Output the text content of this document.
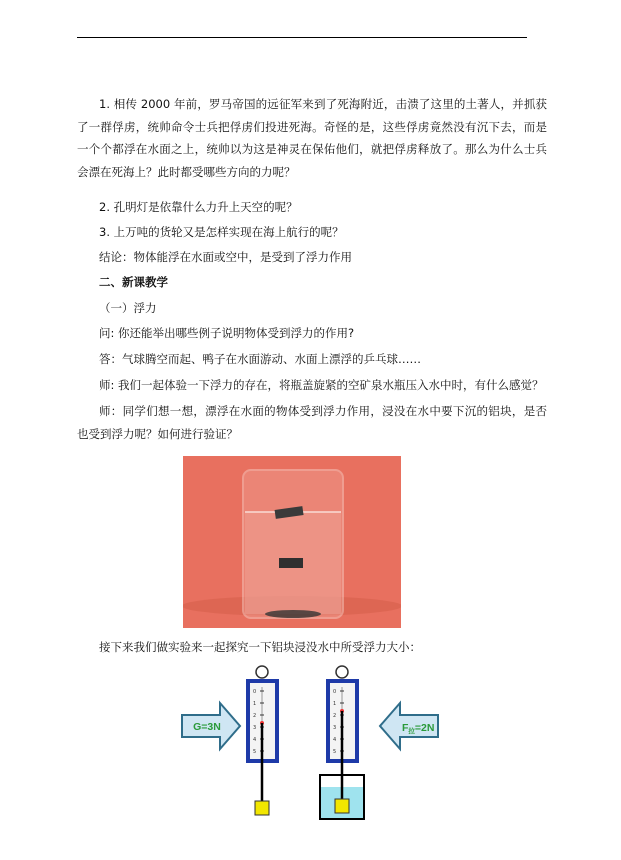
1. 相传 2000 年前，罗马帝国的远征军来到了死海附近，击溃了这里的土著人，并抓获了一群俘虏，统帅命令士兵把俘虏们投进死海。奇怪的是，这些俘虏竟然没有沉下去，而是一个个都浮在水面之上，统帅以为这是神灵在保佑他们，就把俘虏释放了。那么为什么士兵会漂在死海上？此时都受哪些方向的力呢？

2. 孔明灯是依靠什么力升上天空的呢？

3. 上万吨的货轮又是怎样实现在海上航行的呢？

结论：物体能浮在水面或空中，是受到了浮力作用

二、新课教学

（一）浮力

问: 你还能举出哪些例子说明物体受到浮力的作用?

答：气球腾空而起、鸭子在水面游动、水面上漂浮的乒乓球……

师: 我们一起体验一下浮力的存在，将瓶盖旋紧的空矿泉水瓶压入水中时，有什么感觉？

师：同学们想一想，漂浮在水面的物体受到浮力作用，浸没在水中要下沉的铝块，是否也受到浮力呢？如何进行验证？

接下来我们做实验来一起探究一下铝块浸没水中所受浮力大小：

G=3N
0
1
2
3
4
5
0
1
2
3
4
5
F拉=2N
